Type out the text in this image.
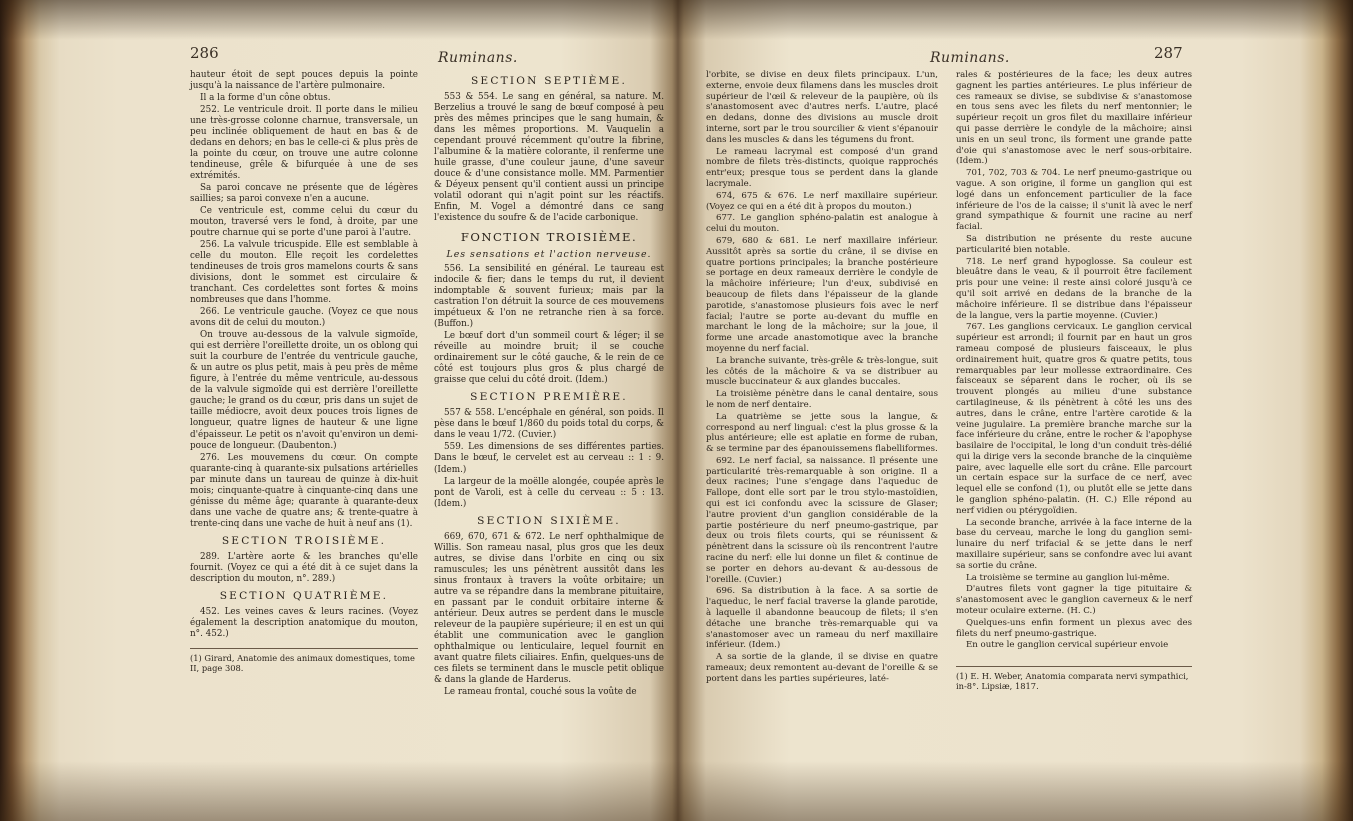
286	Ruminans.

hauteur étoit de sept pouces depuis la pointe jusqu'à la naissance de l'artère pulmonaire.

Il a la forme d'un cône obtus.

252. Le ventricule droit. Il porte dans le milieu une très-grosse colonne charnue, transversale, un peu inclinée obliquement de haut en bas & de dedans en dehors; en bas le celle-ci & plus près de la pointe du cœur, on trouve une autre colonne tendineuse, grêle & bifurquée à une de ses extrémités.

Sa paroi concave ne présente que de légères saillies; sa paroi convexe n'en a aucune.

Ce ventricule est, comme celui du cœur du mouton, traversé vers le fond, à droite, par une poutre charnue qui se porte d'une paroi à l'autre.

256. La valvule tricuspide. Elle est semblable à celle du mouton. Elle reçoit les cordelettes tendineuses de trois gros mamelons courts & sans divisions, dont le sommet est circulaire & tranchant. Ces cordelettes sont fortes & moins nombreuses que dans l'homme.

266. Le ventricule gauche. (Voyez ce que nous avons dit de celui du mouton.)

On trouve au-dessous de la valvule sigmoïde, qui est derrière l'oreillette droite, un os oblong qui suit la courbure de l'entrée du ventricule gauche, & un autre os plus petit, mais à peu près de même figure, à l'entrée du même ventricule, au-dessous de la valvule sigmoïde qui est derrière l'oreillette gauche; le grand os du cœur, pris dans un sujet de taille médiocre, avoit deux pouces trois lignes de longueur, quatre lignes de hauteur & une ligne d'épaisseur. Le petit os n'avoit qu'environ un demi-pouce de longueur. (Daubenton.)

276. Les mouvemens du cœur. On compte quarante-cinq à quarante-six pulsations artérielles par minute dans un taureau de quinze à dix-huit mois; cinquante-quatre à cinquante-cinq dans une génisse du même âge; quarante à quarante-deux dans une vache de quatre ans; & trente-quatre à trente-cinq dans une vache de huit à neuf ans (1).

SECTION TROISIÈME.

289. L'artère aorte & les branches qu'elle fournit. (Voyez ce qui a été dit à ce sujet dans la description du mouton, n°. 289.)

SECTION QUATRIÈME.

452. Les veines caves & leurs racines. (Voyez également la description anatomique du mouton, n°. 452.)

(1) Girard, Anatomie des animaux domestiques, tome II, page 308.
SECTION SEPTIÈME.

553 & 554. Le sang en général, sa nature. M. Berzelius a trouvé le sang de bœuf composé à peu près des mêmes principes que le sang humain, & dans les mêmes proportions. M. Vauquelin a cependant prouvé récemment qu'outre la fibrine, l'albumine & la matière colorante, il renferme une huile grasse, d'une couleur jaune, d'une saveur douce & d'une consistance molle. MM. Parmentier & Déyeux pensent qu'il contient aussi un principe volatil odorant qui n'agit point sur les réactifs. Enfin, M. Vogel a démontré dans ce sang l'existence du soufre & de l'acide carbonique.

FONCTION TROISIÈME.
Les sensations et l'action nerveuse.

556. La sensibilité en général. Le taureau est indocile & fier; dans le temps du rut, il devient indomptable & souvent furieux; mais par la castration l'on détruit la source de ces mouvemens impétueux & l'on ne retranche rien à sa force. (Buffon.)

Le bœuf dort d'un sommeil court & léger; il se réveille au moindre bruit; il se couche ordinairement sur le côté gauche, & le rein de ce côté est toujours plus gros & plus chargé de graisse que celui du côté droit. (Idem.)

SECTION PREMIÈRE.

557 & 558. L'encéphale en général, son poids. Il pèse dans le bœuf 1/860 du poids total du corps, & dans le veau 1/72. (Cuvier.)

559. Les dimensions de ses différentes parties. Dans le bœuf, le cervelet est au cerveau :: 1 : 9. (Idem.)

La largeur de la moëlle alongée, coupée après le pont de Varoli, est à celle du cerveau :: 5 : 13. (Idem.)

SECTION SIXIÈME.

669, 670, 671 & 672. Le nerf ophthalmique de Willis. Son rameau nasal, plus gros que les deux autres, se divise dans l'orbite en cinq ou six ramuscules; les uns pénètrent aussitôt dans les sinus frontaux à travers la voûte orbitaire; un autre va se répandre dans la membrane pituitaire, en passant par le conduit orbitaire interne & antérieur. Deux autres se perdent dans le muscle releveur de la paupière supérieure; il en est un qui établit une communication avec le ganglion ophthalmique ou lenticulaire, lequel fournit en avant quatre filets ciliaires. Enfin, quelques-uns de ces filets se terminent dans le muscle petit oblique & dans la glande de Harderus.

Le rameau frontal, couché sous la voûte de

287
Ruminans.

l'orbite, se divise en deux filets principaux. L'un, externe, envoie deux filamens dans les muscles droit supérieur de l'œil & releveur de la paupière, où ils s'anastomosent avec d'autres nerfs. L'autre, placé en dedans, donne des divisions au muscle droit interne, sort par le trou sourcilier & vient s'épanouir dans les muscles & dans les tégumens du front.

Le rameau lacrymal est composé d'un grand nombre de filets très-distincts, quoique rapprochés entr'eux; presque tous se perdent dans la glande lacrymale.

674, 675 & 676. Le nerf maxillaire supérieur. (Voyez ce qui en a été dit à propos du mouton.)

677. Le ganglion sphéno-palatin est analogue à celui du mouton.

679, 680 & 681. Le nerf maxillaire inférieur. Aussitôt après sa sortie du crâne, il se divise en quatre portions principales; la branche postérieure se portage en deux rameaux derrière le condyle de la mâchoire inférieure; l'un d'eux, subdivisé en beaucoup de filets dans l'épaisseur de la glande parotide, s'anastomose plusieurs fois avec le nerf facial; l'autre se porte au-devant du muffle en marchant le long de la mâchoire; sur la joue, il forme une arcade anastomotique avec la branche moyenne du nerf facial.

La branche suivante, très-grêle & très-longue, suit les côtés de la mâchoire & va se distribuer au muscle buccinateur & aux glandes buccales.

La troisième pénètre dans le canal dentaire, sous le nom de nerf dentaire.

La quatrième se jette sous la langue, & correspond au nerf lingual: c'est la plus grosse & la plus antérieure; elle est aplatie en forme de ruban, & se termine par des épanouissemens flabelliformes.

692. Le nerf facial, sa naissance. Il présente une particularité très-remarquable à son origine. Il a deux racines; l'une s'engage dans l'aqueduc de Fallope, dont elle sort par le trou stylo-mastoïdien, qui est ici confondu avec la scissure de Glaser; l'autre provient d'un ganglion considérable de la partie postérieure du nerf pneumo-gastrique, par deux ou trois filets courts, qui se réunissent & pénètrent dans la scissure où ils rencontrent l'autre racine du nerf: elle lui donne un filet & continue de se porter en dehors au-devant & au-dessous de l'oreille. (Cuvier.)

696. Sa distribution à la face. A sa sortie de l'aqueduc, le nerf facial traverse la glande parotide, à laquelle il abandonne beaucoup de filets; il s'en détache une branche très-remarquable qui va s'anastomoser avec un rameau du nerf maxillaire inférieur. (Idem.)

A sa sortie de la glande, il se divise en quatre rameaux; deux remontent au-devant de l'oreille & se portent dans les parties supérieures, laté-

rales & postérieures de la face; les deux autres gagnent les parties antérieures. Le plus inférieur de ces rameaux se divise, se subdivise & s'anastomose en tous sens avec les filets du nerf mentonnier; le supérieur reçoit un gros filet du maxillaire inférieur qui passe derrière le condyle de la mâchoire; ainsi unis en un seul tronc, ils forment une grande patte d'oie qui s'anastomose avec le nerf sous-orbitaire. (Idem.)

701, 702, 703 & 704. Le nerf pneumo-gastrique ou vague. A son origine, il forme un ganglion qui est logé dans un enfoncement particulier de la face inférieure de l'os de la caisse; il s'unit là avec le nerf grand sympathique & fournit une racine au nerf facial.

Sa distribution ne présente du reste aucune particularité bien notable.

718. Le nerf grand hypoglosse. Sa couleur est bleuâtre dans le veau, & il pourroit être facilement pris pour une veine: il reste ainsi coloré jusqu'à ce qu'il soit arrivé en dedans de la branche de la mâchoire inférieure. Il se distribue dans l'épaisseur de la langue, vers la partie moyenne. (Cuvier.)

767. Les ganglions cervicaux. Le ganglion cervical supérieur est arrondi; il fournit par en haut un gros rameau composé de plusieurs faisceaux, le plus ordinairement huit, quatre gros & quatre petits, tous remarquables par leur mollesse extraordinaire. Ces faisceaux se séparent dans le rocher, où ils se trouvent plongés au milieu d'une substance cartilagineuse, & ils pénètrent à côté les uns des autres, dans le crâne, entre l'artère carotide & la veine jugulaire. La première branche marche sur la face inférieure du crâne, entre le rocher & l'apophyse basilaire de l'occipital, le long d'un conduit très-délié qui la dirige vers la seconde branche de la cinquième paire, avec laquelle elle sort du crâne. Elle parcourt un certain espace sur la surface de ce nerf, avec lequel elle se confond (1), ou plutôt elle se jette dans le ganglion sphéno-palatin. (H. C.) Elle répond au nerf vidien ou ptérygoïdien.

La seconde branche, arrivée à la face interne de la base du cerveau, marche le long du ganglion semi-lunaire du nerf trifacial & se jette dans le nerf maxillaire supérieur, sans se confondre avec lui avant sa sortie du crâne.

La troisième se termine au ganglion lui-même.

D'autres filets vont gagner la tige pituitaire & s'anastomosent avec le ganglion caverneux & le nerf moteur oculaire externe. (H. C.)

Quelques-uns enfin forment un plexus avec des filets du nerf pneumo-gastrique.

En outre le ganglion cervical supérieur envoie

(1) E. H. Weber, Anatomia comparata nervi sympathici, in-8°. Lipsiæ, 1817.
